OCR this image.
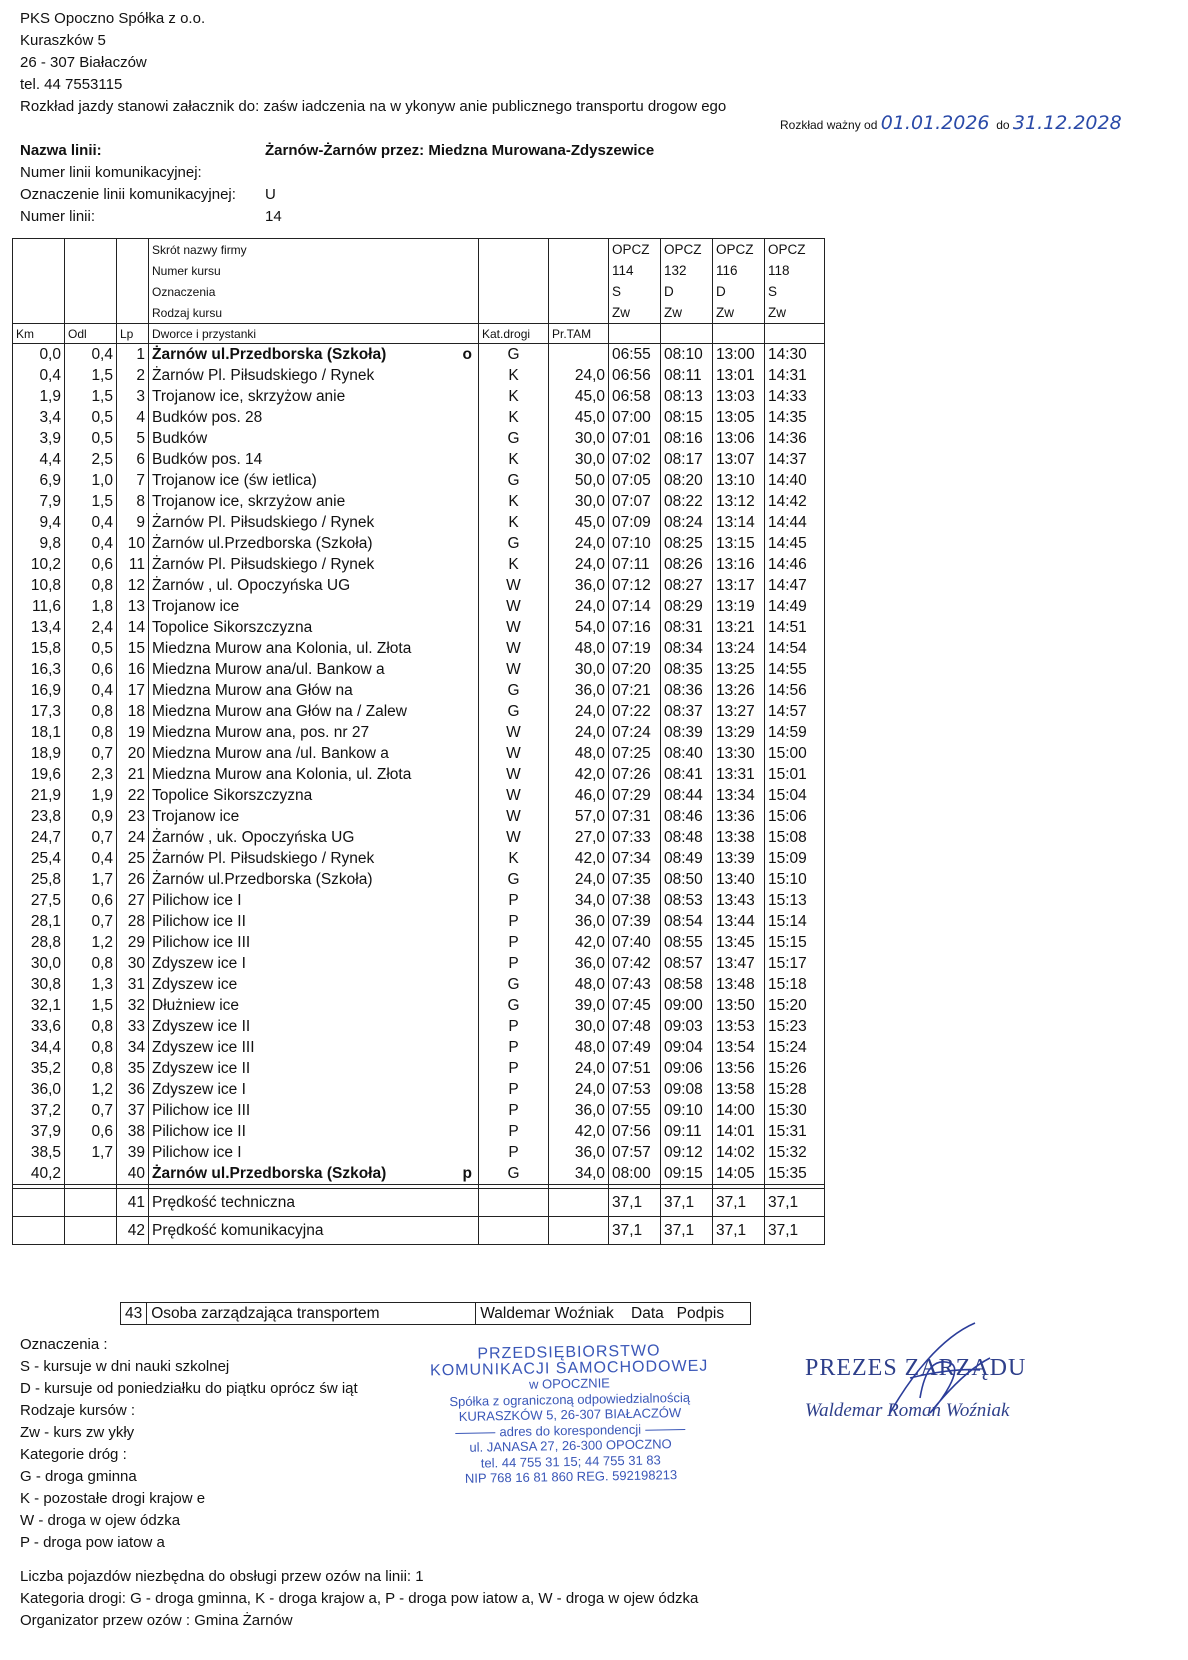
PKS Opoczno Spółka z o.o.
Kuraszków 5
26 - 307 Białaczów
tel. 44 7553115
Rozkład jazdy stanowi załacznik do: zaśw iadczenia na w ykonyw anie publicznego transportu drogow ego
Rozkład ważny od 01.01.2026 do 31.12.2028
Nazwa linii:	Żarnów-Żarnów przez: Miedzna Murowana-Zdyszewice
Numer linii komunikacyjnej:
Oznaczenie linii komunikacyjnej:	U
Numer linii:	14
			Skrót nazwy firmy			OPCZ	OPCZ	OPCZ	OPCZ
			Numer kursu			114	132	116	118
			Oznaczenia			S	D	D	S
			Rodzaj kursu			Zw	Zw	Zw	Zw
Km	Odl	Lp	Dworce i przystanki	Kat.drogi	Pr.TAM				
0,0	0,4	1	Żarnów ul.Przedborska (Szkoła) o	G		06:55	08:10	13:00	14:30
0,4	1,5	2	Żarnów Pl. Piłsudskiego / Rynek	K	24,0	06:56	08:11	13:01	14:31
1,9	1,5	3	Trojanow ice, skrzyżow anie	K	45,0	06:58	08:13	13:03	14:33
3,4	0,5	4	Budków pos. 28	K	45,0	07:00	08:15	13:05	14:35
3,9	0,5	5	Budków	G	30,0	07:01	08:16	13:06	14:36
4,4	2,5	6	Budków pos. 14	K	30,0	07:02	08:17	13:07	14:37
6,9	1,0	7	Trojanow ice (św ietlica)	G	50,0	07:05	08:20	13:10	14:40
7,9	1,5	8	Trojanow ice, skrzyżow anie	K	30,0	07:07	08:22	13:12	14:42
9,4	0,4	9	Żarnów Pl. Piłsudskiego / Rynek	K	45,0	07:09	08:24	13:14	14:44
9,8	0,4	10	Żarnów ul.Przedborska (Szkoła)	G	24,0	07:10	08:25	13:15	14:45
10,2	0,6	11	Żarnów Pl. Piłsudskiego / Rynek	K	24,0	07:11	08:26	13:16	14:46
10,8	0,8	12	Żarnów , ul. Opoczyńska UG	W	36,0	07:12	08:27	13:17	14:47
11,6	1,8	13	Trojanow ice	W	24,0	07:14	08:29	13:19	14:49
13,4	2,4	14	Topolice Sikorszczyzna	W	54,0	07:16	08:31	13:21	14:51
15,8	0,5	15	Miedzna Murow ana Kolonia, ul. Złota	W	48,0	07:19	08:34	13:24	14:54
16,3	0,6	16	Miedzna Murow ana/ul. Bankow a	W	30,0	07:20	08:35	13:25	14:55
16,9	0,4	17	Miedzna Murow ana Głów na	G	36,0	07:21	08:36	13:26	14:56
17,3	0,8	18	Miedzna Murow ana Głów na / Zalew	G	24,0	07:22	08:37	13:27	14:57
18,1	0,8	19	Miedzna Murow ana, pos. nr 27	W	24,0	07:24	08:39	13:29	14:59
18,9	0,7	20	Miedzna Murow ana /ul. Bankow a	W	48,0	07:25	08:40	13:30	15:00
19,6	2,3	21	Miedzna Murow ana Kolonia, ul. Złota	W	42,0	07:26	08:41	13:31	15:01
21,9	1,9	22	Topolice Sikorszczyzna	W	46,0	07:29	08:44	13:34	15:04
23,8	0,9	23	Trojanow ice	W	57,0	07:31	08:46	13:36	15:06
24,7	0,7	24	Żarnów , uk. Opoczyńska UG	W	27,0	07:33	08:48	13:38	15:08
25,4	0,4	25	Żarnów Pl. Piłsudskiego / Rynek	K	42,0	07:34	08:49	13:39	15:09
25,8	1,7	26	Żarnów ul.Przedborska (Szkoła)	G	24,0	07:35	08:50	13:40	15:10
27,5	0,6	27	Pilichow ice I	P	34,0	07:38	08:53	13:43	15:13
28,1	0,7	28	Pilichow ice II	P	36,0	07:39	08:54	13:44	15:14
28,8	1,2	29	Pilichow ice III	P	42,0	07:40	08:55	13:45	15:15
30,0	0,8	30	Zdyszew ice I	P	36,0	07:42	08:57	13:47	15:17
30,8	1,3	31	Zdyszew ice	G	48,0	07:43	08:58	13:48	15:18
32,1	1,5	32	Dłużniew ice	G	39,0	07:45	09:00	13:50	15:20
33,6	0,8	33	Zdyszew ice II	P	30,0	07:48	09:03	13:53	15:23
34,4	0,8	34	Zdyszew ice III	P	48,0	07:49	09:04	13:54	15:24
35,2	0,8	35	Zdyszew ice II	P	24,0	07:51	09:06	13:56	15:26
36,0	1,2	36	Zdyszew ice I	P	24,0	07:53	09:08	13:58	15:28
37,2	0,7	37	Pilichow ice III	P	36,0	07:55	09:10	14:00	15:30
37,9	0,6	38	Pilichow ice II	P	42,0	07:56	09:11	14:01	15:31
38,5	1,7	39	Pilichow ice I	P	36,0	07:57	09:12	14:02	15:32
40,2		40	Żarnów ul.Przedborska (Szkoła) p	G	34,0	08:00	09:15	14:05	15:35

		41	Prędkość techniczna			37,1	37,1	37,1	37,1
		42	Prędkość komunikacyjna			37,1	37,1	37,1	37,1
43	Osoba zarządzająca transportem	Waldemar Woźniak Data Podpis
Oznaczenia :
S - kursuje w dni nauki szkolnej
D - kursuje od poniedziałku do piątku oprócz św iąt
Rodzaje kursów :
Zw - kurs zw ykły
Kategorie dróg :
G - droga gminna
K - pozostałe drogi krajow e
W - droga w ojew ódzka
P - droga pow iatow a
PRZEDSIĘBIORSTWO
KOMUNIKACJI SAMOCHODOWEJ
w OPOCZNIE
Spółka z ograniczoną odpowiedzialnością
KURASZKÓW 5, 26-307 BIAŁACZÓW
adres do korespondencji
ul. JANASA 27, 26-300 OPOCZNO
tel. 44 755 31 15; 44 755 31 83
NIP 768 16 81 860 REG. 592198213
PREZES ZARZĄDU
Waldemar Roman Woźniak
Liczba pojazdów niezbędna do obsługi przew ozów na linii: 1
Kategoria drogi: G - droga gminna, K - droga krajow a, P - droga pow iatow a, W - droga w ojew ódzka
Organizator przew ozów : Gmina Żarnów
